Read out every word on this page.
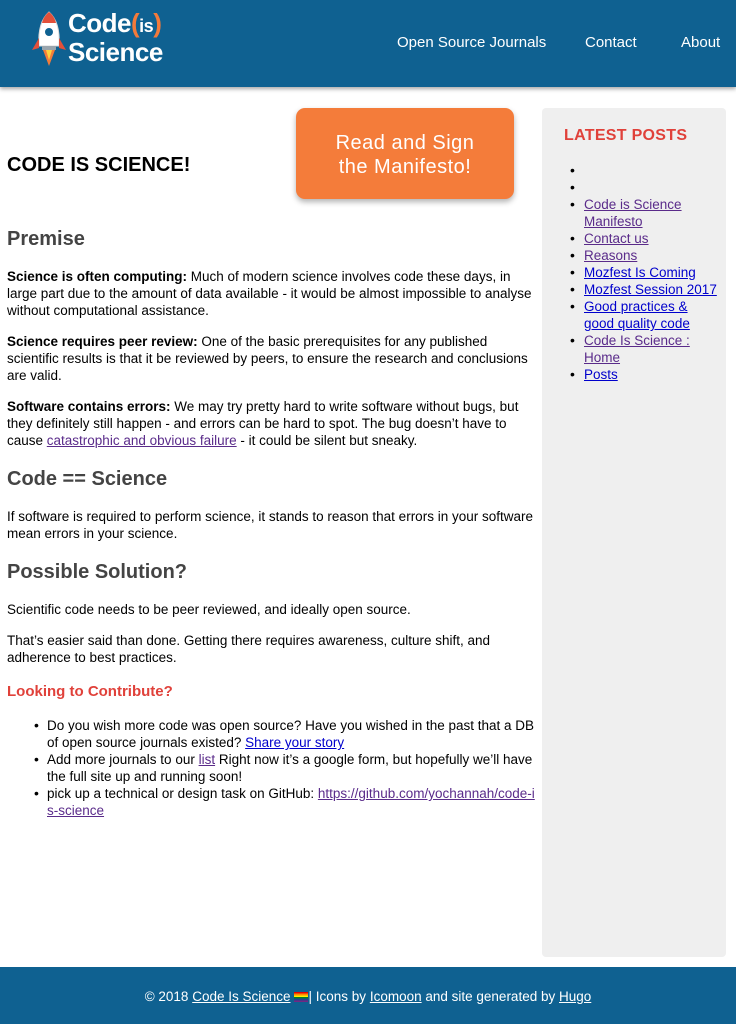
Code(is)
Science	Open Source Journals	Contact	About
Read and Sign
the Manifesto!
CODE IS SCIENCE!
Premise

Science is often computing: Much of modern science involves code these days, in large part due to the amount of data available - it would be almost impossible to analyse without computational assistance.

Science requires peer review: One of the basic prerequisites for any published scientific results is that it be reviewed by peers, to ensure the research and conclusions are valid.

Software contains errors: We may try pretty hard to write software without bugs, but they definitely still happen - and errors can be hard to spot. The bug doesn’t have to cause catastrophic and obvious failure - it could be silent but sneaky.

Code == Science

If software is required to perform science, it stands to reason that errors in your software mean errors in your science.

Possible Solution?

Scientific code needs to be peer reviewed, and ideally open source.

That’s easier said than done. Getting there requires awareness, culture shift, and adherence to best practices.

Looking to Contribute?
• Do you wish more code was open source? Have you wished in the past that a DB of open source journals existed? Share your story
• Add more journals to our list Right now it’s a google form, but hopefully we’ll have the full site up and running soon!
• pick up a technical or design task on GitHub: https://github.com/yochannah/code-is-science
LATEST POSTS
•
•
• Code is Science Manifesto
• Contact us
• Reasons
• Mozfest Is Coming
• Mozfest Session 2017
• Good practices & good quality code
• Code Is Science : Home
• Posts
© 2018 Code Is Science | Icons by Icomoon and site generated by Hugo
